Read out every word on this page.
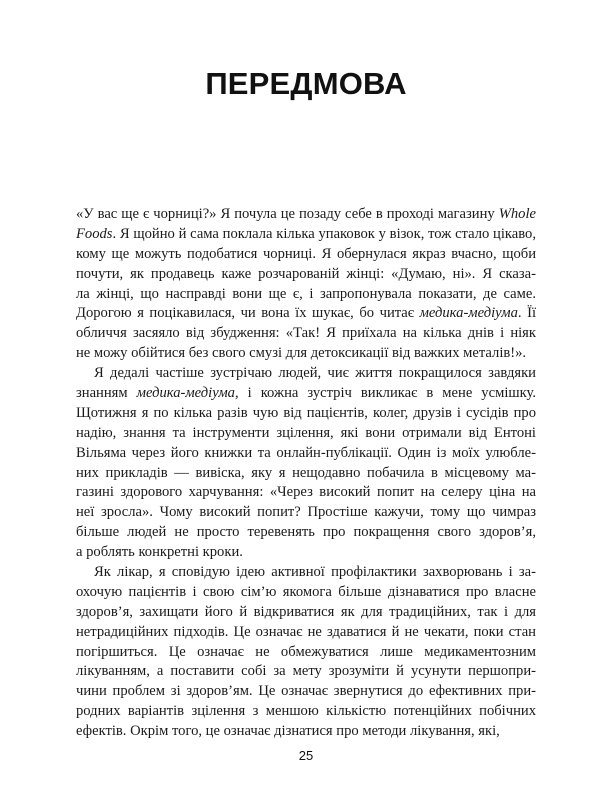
ПЕРЕДМОВА
«У вас ще є чорниці?» Я почула це позаду себе в проході магазину Whole
Foods. Я щойно й сама поклала кілька упаковок у візок, тож стало цікаво,
кому ще можуть подобатися чорниці. Я обернулася якраз вчасно, щоби
почути, як продавець каже розчарованій жінці: «Думаю, ні». Я сказа-
ла жінці, що насправді вони ще є, і запропонувала показати, де саме.
Дорогою я поцікавилася, чи вона їх шукає, бо читає медика-медіума. Її
обличчя засяяло від збудження: «Так! Я приїхала на кілька днів і ніяк
не можу обійтися без свого смузі для детоксикації від важких металів!».
Я дедалі частіше зустрічаю людей, чиє життя покращилося завдяки
знанням медика-медіума, і кожна зустріч викликає в мене усмішку.
Щотижня я по кілька разів чую від пацієнтів, колег, друзів і сусідів про
надію, знання та інструменти зцілення, які вони отримали від Ентоні
Вільяма через його книжки та онлайн-публікації. Один із моїх улюбле-
них прикладів — вивіска, яку я нещодавно побачила в місцевому ма-
газині здорового харчування: «Через високий попит на селеру ціна на
неї зросла». Чому високий попит? Простіше кажучи, тому що чимраз
більше людей не просто теревенять про покращення свого здоров’я,
а роблять конкретні кроки.
Як лікар, я сповідую ідею активної профілактики захворювань і за-
охочую пацієнтів і свою сім’ю якомога більше дізнаватися про власне
здоров’я, захищати його й відкриватися як для традиційних, так і для
нетрадиційних підходів. Це означає не здаватися й не чекати, поки стан
погіршиться. Це означає не обмежуватися лише медикаментозним
лікуванням, а поставити собі за мету зрозуміти й усунути першопри-
чини проблем зі здоров’ям. Це означає звернутися до ефективних при-
родних варіантів зцілення з меншою кількістю потенційних побічних
ефектів. Окрім того, це означає дізнатися про методи лікування, які,
25
